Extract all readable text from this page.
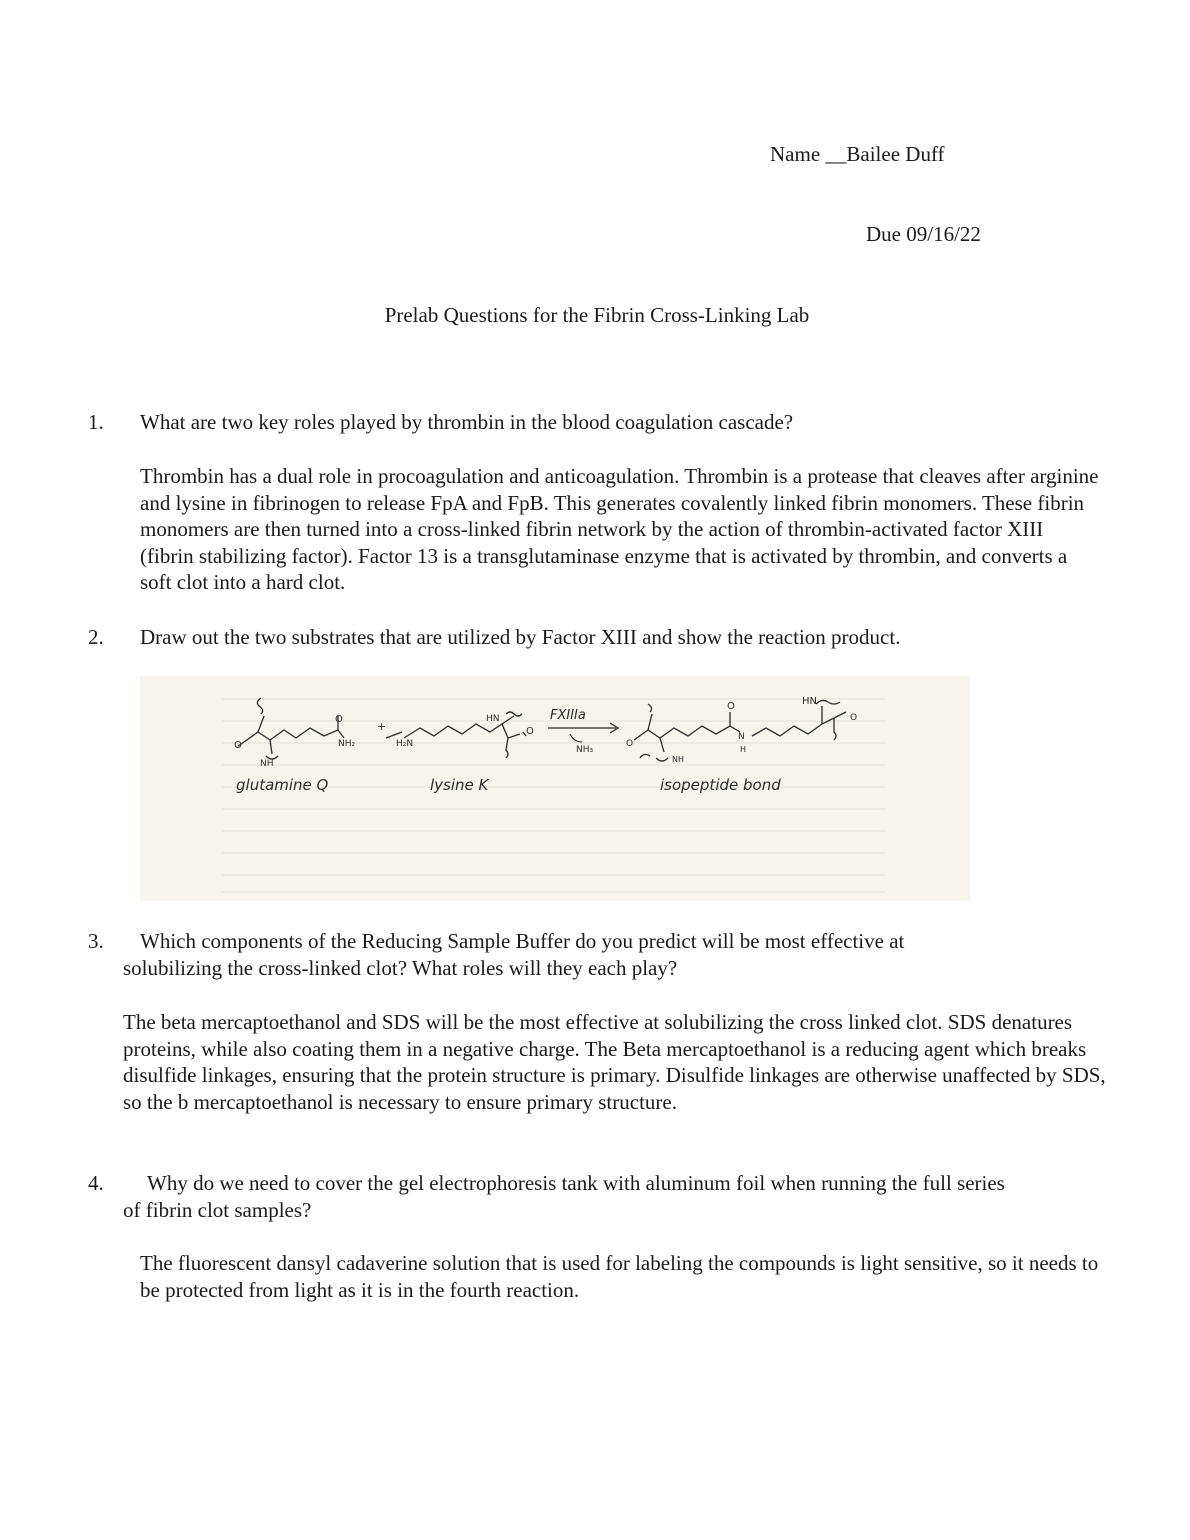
Name __Bailee Duff
Due 09/16/22
Prelab Questions for the Fibrin Cross-Linking Lab
1. What are two key roles played by thrombin in the blood coagulation cascade?
Thrombin has a dual role in procoagulation and anticoagulation. Thrombin is a protease that cleaves after arginine and lysine in fibrinogen to release FpA and FpB. This generates covalently linked fibrin monomers. These fibrin monomers are then turned into a cross-linked fibrin network by the action of thrombin-activated factor XIII (fibrin stabilizing factor). Factor 13 is a transglutaminase enzyme that is activated by thrombin, and converts a soft clot into a hard clot.
2. Draw out the two substrates that are utilized by Factor XIII and show the reaction product.
O
O
NH₂
NH
+
H₂N
HN
O
FXIIIa
NH₃
O
O
N
H
NH
HN
O
glutamine Q	lysine K	isopeptide bond
3. Which components of the Reducing Sample Buffer do you predict will be most effective at
solubilizing the cross-linked clot? What roles will they each play?
The beta mercaptoethanol and SDS will be the most effective at solubilizing the cross linked clot. SDS denatures proteins, while also coating them in a negative charge. The Beta mercaptoethanol is a reducing agent which breaks disulfide linkages, ensuring that the protein structure is primary. Disulfide linkages are otherwise unaffected by SDS, so the b mercaptoethanol is necessary to ensure primary structure.
4. Why do we need to cover the gel electrophoresis tank with aluminum foil when running the full series
of fibrin clot samples?
The fluorescent dansyl cadaverine solution that is used for labeling the compounds is light sensitive, so it needs to be protected from light as it is in the fourth reaction.
